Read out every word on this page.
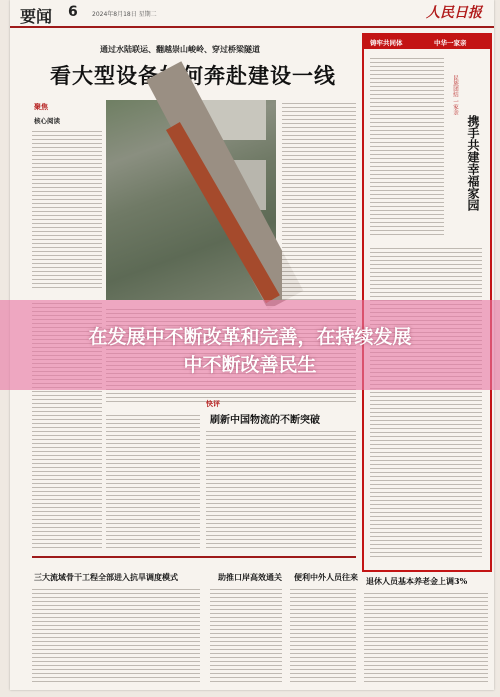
要闻 6 2024年8月18日 星期二	人民日报
通过水陆联运、翻越崇山峻岭、穿过桥梁隧道
看大型设备如何奔赴建设一线
聚焦
核心阅读
快评
刷新中国物流的不断突破
铸牢共同体	中华一家亲
民族团结 一家亲
携手共建幸福家园
三大流域骨干工程全部进入抗旱调度模式	助推口岸高效通关 便利中外人员往来 退休人员基本养老金上调3%
在发展中不断改革和完善，在持续发展
中不断改善民生
